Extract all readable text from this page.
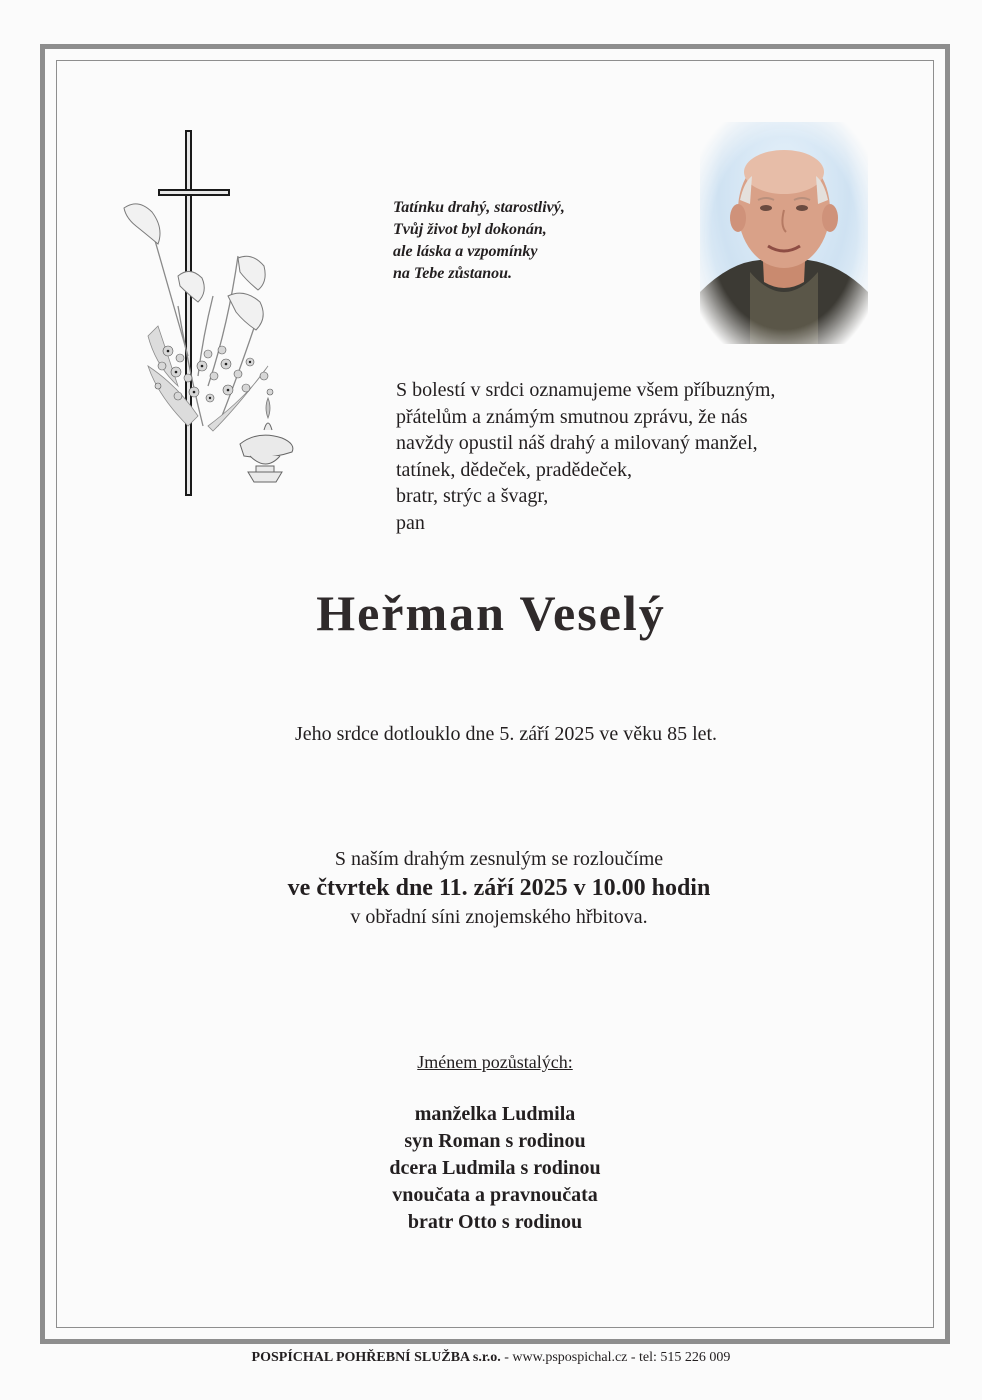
Tatínku drahý, starostlivý,
Tvůj život byl dokonán,
ale láska a vzpomínky
na Tebe zůstanou.
S bolestí v srdci oznamujeme všem příbuzným,
přátelům a známým smutnou zprávu, že nás
navždy opustil náš drahý a milovaný manžel,
tatínek, dědeček, pradědeček,
bratr, strýc a švagr,
pan
Heřman Veselý
Jeho srdce dotlouklo dne 5. září 2025 ve věku 85 let.
S naším drahým zesnulým se rozloučíme
ve čtvrtek dne 11. září 2025 v 10.00 hodin
v obřadní síni znojemského hřbitova.
Jménem pozůstalých:
manželka Ludmila
syn Roman s rodinou
dcera Ludmila s rodinou
vnoučata a pravnoučata
bratr Otto s rodinou
POSPÍCHAL POHŘEBNÍ SLUŽBA s.r.o. - www.pspospichal.cz - tel: 515 226 009
